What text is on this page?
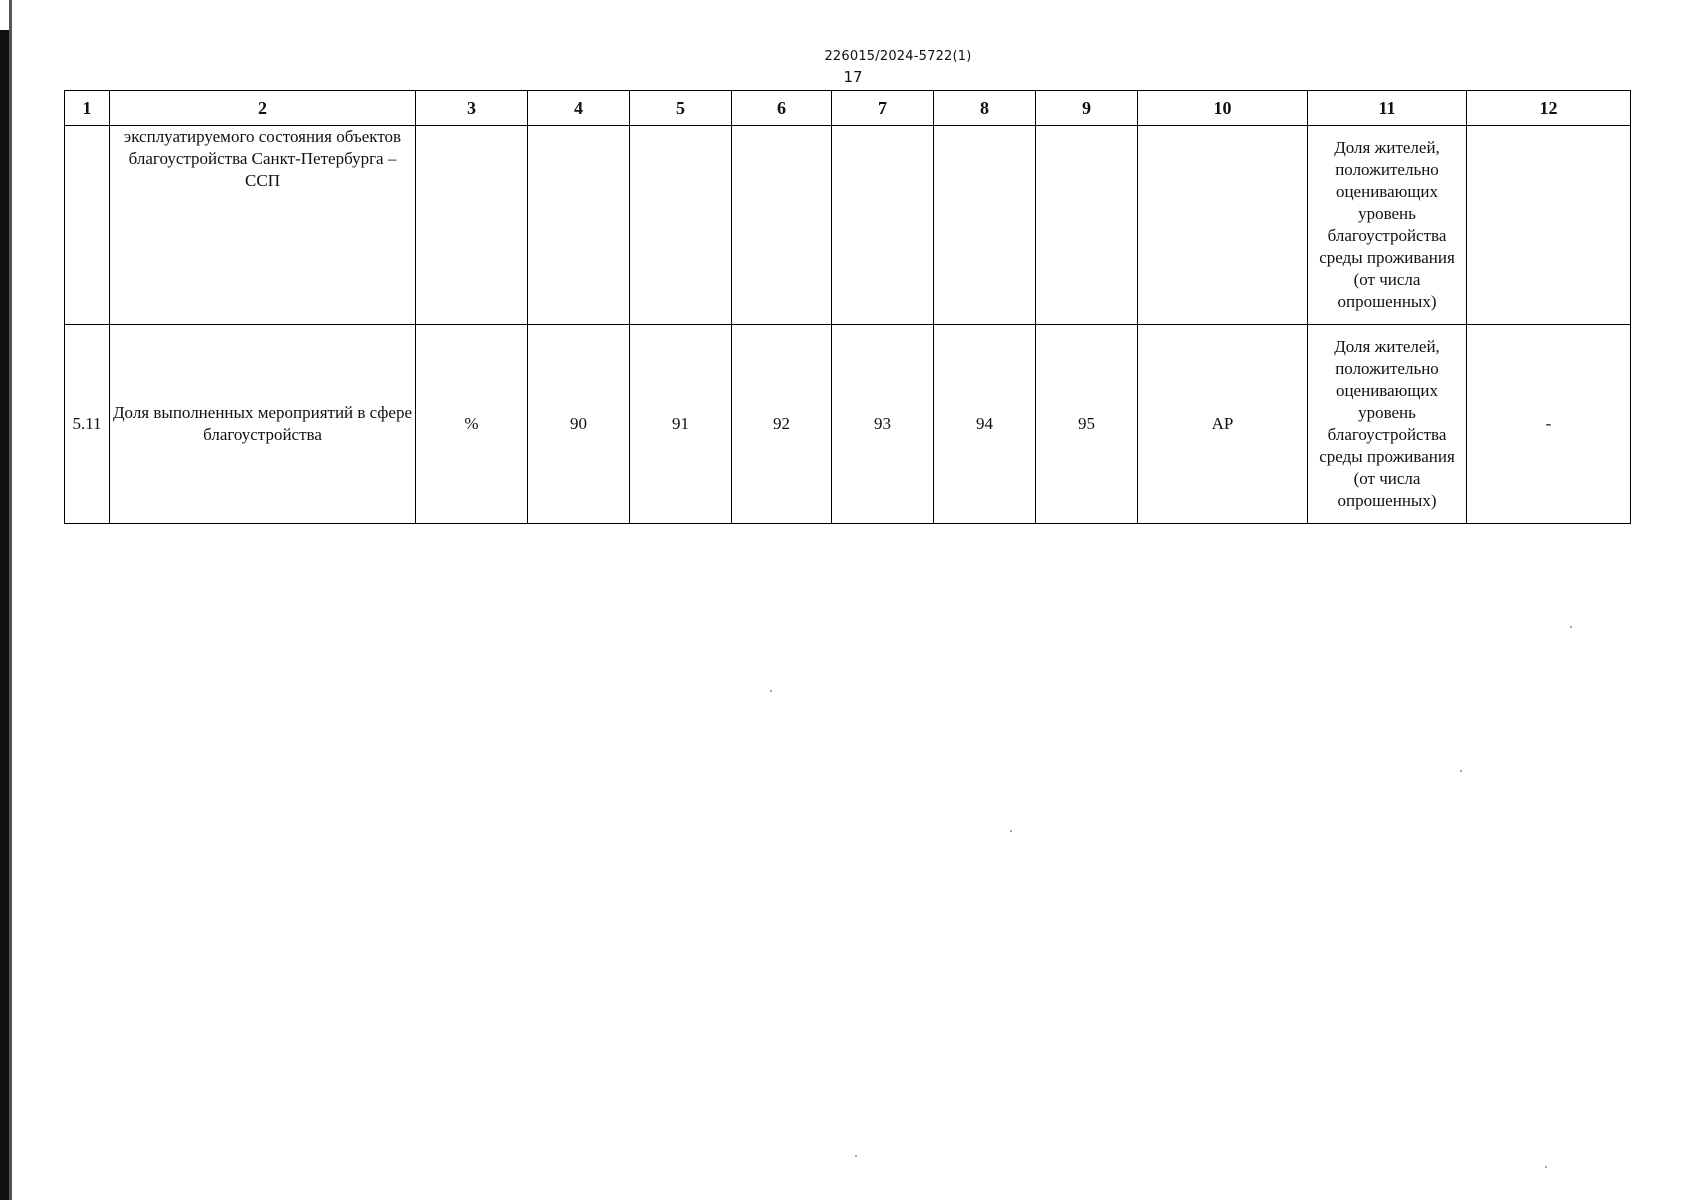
226015/2024-5722(1)
17
1	2	3	4	5	6	7	8	9	10	11	12
	эксплуатируемого состояния объектов благоустройства Санкт-Петербурга – ССП									Доля жителей, положительно оценивающих уровень благоустройства среды проживания (от числа опрошенных)	
5.11	Доля выполненных мероприятий в сфере благоустройства	%	90	91	92	93	94	95	АР	Доля жителей, положительно оценивающих уровень благоустройства среды проживания (от числа опрошенных)	-
